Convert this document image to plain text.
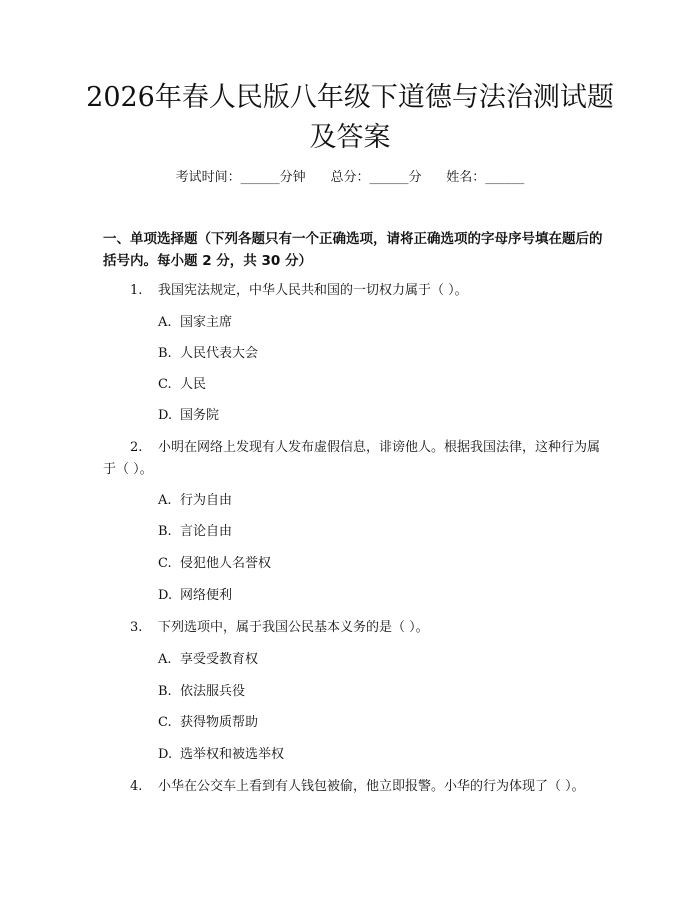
2026年春人民版八年级下道德与法治测试题及答案
考试时间：______分钟 总分：______分 姓名：______

一、单项选择题（下列各题只有一个正确选项，请将正确选项的字母序号填在题后的括号内。每小题 2 分，共 30 分）

1. 我国宪法规定，中华人民共和国的一切权力属于（ ）。

A. 国家主席
B. 人民代表大会
C. 人民
D. 国务院

2. 小明在网络上发现有人发布虚假信息，诽谤他人。根据我国法律，这种行为属于（ ）。

A. 行为自由
B. 言论自由
C. 侵犯他人名誉权
D. 网络便利

3. 下列选项中，属于我国公民基本义务的是（ ）。

A. 享受受教育权
B. 依法服兵役
C. 获得物质帮助
D. 选举权和被选举权

4. 小华在公交车上看到有人钱包被偷，他立即报警。小华的行为体现了（ ）。
